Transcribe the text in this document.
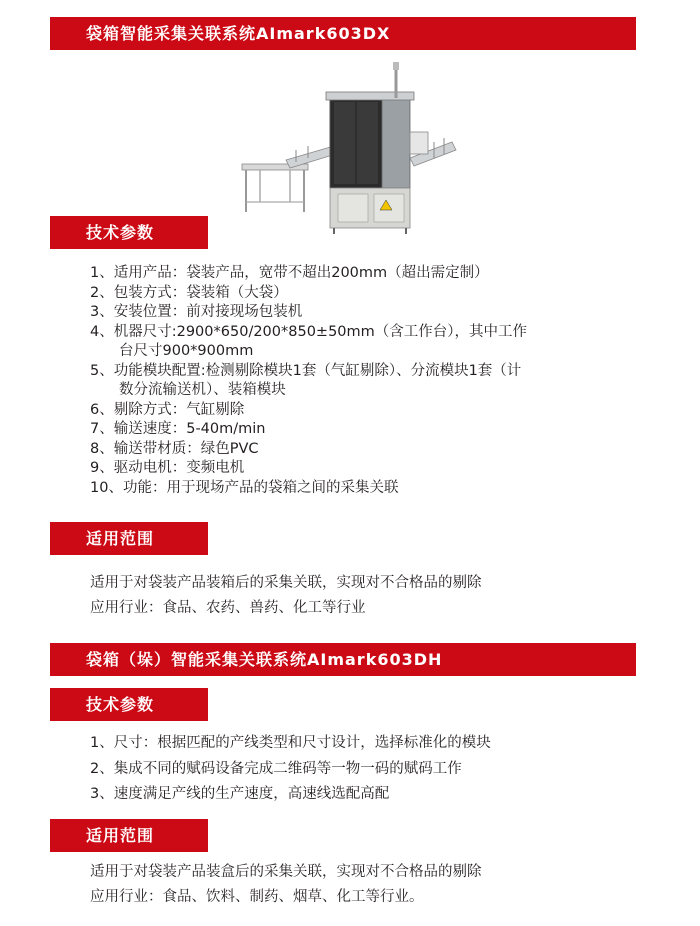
袋箱智能采集关联系统AImark603DX
技术参数
1、适用产品：袋装产品，宽带不超出200mm（超出需定制）
2、包装方式：袋装箱（大袋）
3、安装位置：前对接现场包装机
4、机器尺寸:2900*650/200*850±50mm（含工作台），其中工作
台尺寸900*900mm
5、功能模块配置:检测剔除模块1套（气缸剔除）、分流模块1套（计
数分流输送机）、装箱模块
6、剔除方式：气缸剔除
7、输送速度：5-40m/min
8、输送带材质：绿色PVC
9、驱动电机：变频电机
10、功能：用于现场产品的袋箱之间的采集关联
适用范围
适用于对袋装产品装箱后的采集关联，实现对不合格品的剔除
应用行业：食品、农药、兽药、化工等行业
袋箱（垛）智能采集关联系统AImark603DH
技术参数
1、尺寸：根据匹配的产线类型和尺寸设计，选择标准化的模块
2、集成不同的赋码设备完成二维码等一物一码的赋码工作
3、速度满足产线的生产速度，高速线选配高配
适用范围
适用于对袋装产品装盒后的采集关联，实现对不合格品的剔除
应用行业：食品、饮料、制药、烟草、化工等行业。
